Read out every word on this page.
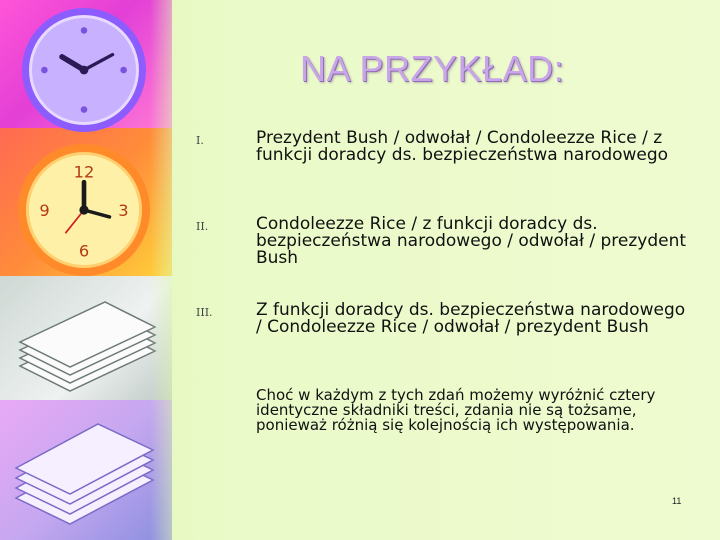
12
3
6
9
NA PRZYKŁAD:
I.	Prezydent Bush / odwołał / Condoleezze Rice / z funkcji doradcy ds. bezpieczeństwa narodowego
II.	Condoleezze Rice / z funkcji doradcy ds. bezpieczeństwa narodowego / odwołał / prezydent Bush
III.	Z funkcji doradcy ds. bezpieczeństwa narodowego / Condoleezze Rice / odwołał / prezydent Bush
Choć w każdym z tych zdań możemy wyróżnić cztery identyczne składniki treści, zdania nie są tożsame, ponieważ różnią się kolejnością ich występowania.
11
